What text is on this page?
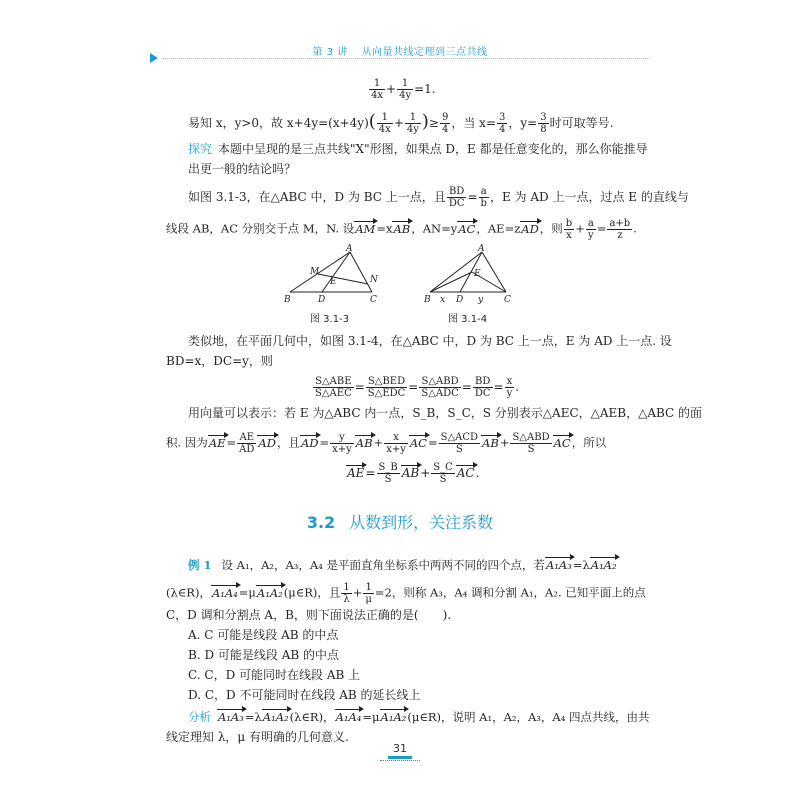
第 3 讲 从向量共线定理到三点共线
$\frac{1}{4x} + \frac{1}{4y} =1$.
易知 x，y>0，故 $x+4y=(x+4y)( \frac{1}{4x} + \frac{1}{4y}$ )≥ $\frac{9}{4}$ ，当 $x= \frac{3}{4}$ ，$y= \frac{3}{8}$ 时可取等号.
探究 本题中呈现的是三点共线"X"形图，如果点 D，E 都是任意变化的，那么你能推导
出更一般的结论吗？
如图 3.1-3，在△ABC 中，D 为 BC 上一点，且 $\frac{BD}{DC} = \frac{a}{b}$ ，E 为 AD 上一点，过点 E 的直线与
线段 AB，AC 分别交于点 M，N. 设AM=xAB，AN=yAC，AE=zAD，则 $\frac{b}{x} + \frac{a}{y} = \frac{a+b}{z}$ .
A
M
E	N
B	D	C
图 3.1-3
A
E
B x D y C
图 3.1-4
类似地，在平面几何中，如图 3.1-4，在△ABC 中，D 为 BC 上一点，E 为 AD 上一点. 设
BD=x，DC=y，则
$\frac{\text{S△ABE}}{\text{S△AEC}} = \frac{\text{S△BED}}{\text{S△EDC}} = \frac{\text{S△ABD}}{\text{S△ADC}} = \frac{BD}{DC} = \frac{x}{y}$ .
用向量可以表示：若 E 为△ABC 内一点，S_B，S_C，S 分别表示△AEC，△AEB，△ABC 的面
积. 因为$AE= \frac{AE}{AD}$ AD，且$AD= \frac{y}{x+y} AB+ \frac{x}{x+y} AC= \frac{\text{S△ACD}}{S} AB+ \frac{\text{S△ABD}}{S}$ AC，所以
$AE= \frac{S\_B}{S} AB+ \frac{S\_C}{S}$ AC.
3.2 从数到形，关注系数
例 1 设 A₁，A₂，A₃，A₄ 是平面直角坐标系中两两不同的四个点，若A₁A₃=λA₁A₂
(λ∈R)，A₁A₄=μA₁A₂(μ∈R)，且 $\frac{1}{\lambda} + \frac{1}{\mu} =2$，则称 A₃，A₄ 调和分割 A₁，A₂. 已知平面上的点
C，D 调和分割点 A，B，则下面说法正确的是(　　).
A. C 可能是线段 AB 的中点
B. D 可能是线段 AB 的中点
C. C，D 可能同时在线段 AB 上
D. C，D 不可能同时在线段 AB 的延长线上
分析 A₁A₃=λA₁A₂(λ∈R)，A₁A₄=μA₁A₂(μ∈R)，说明 A₁，A₂，A₃，A₄ 四点共线，由共
线定理知 λ，μ 有明确的几何意义.
31
